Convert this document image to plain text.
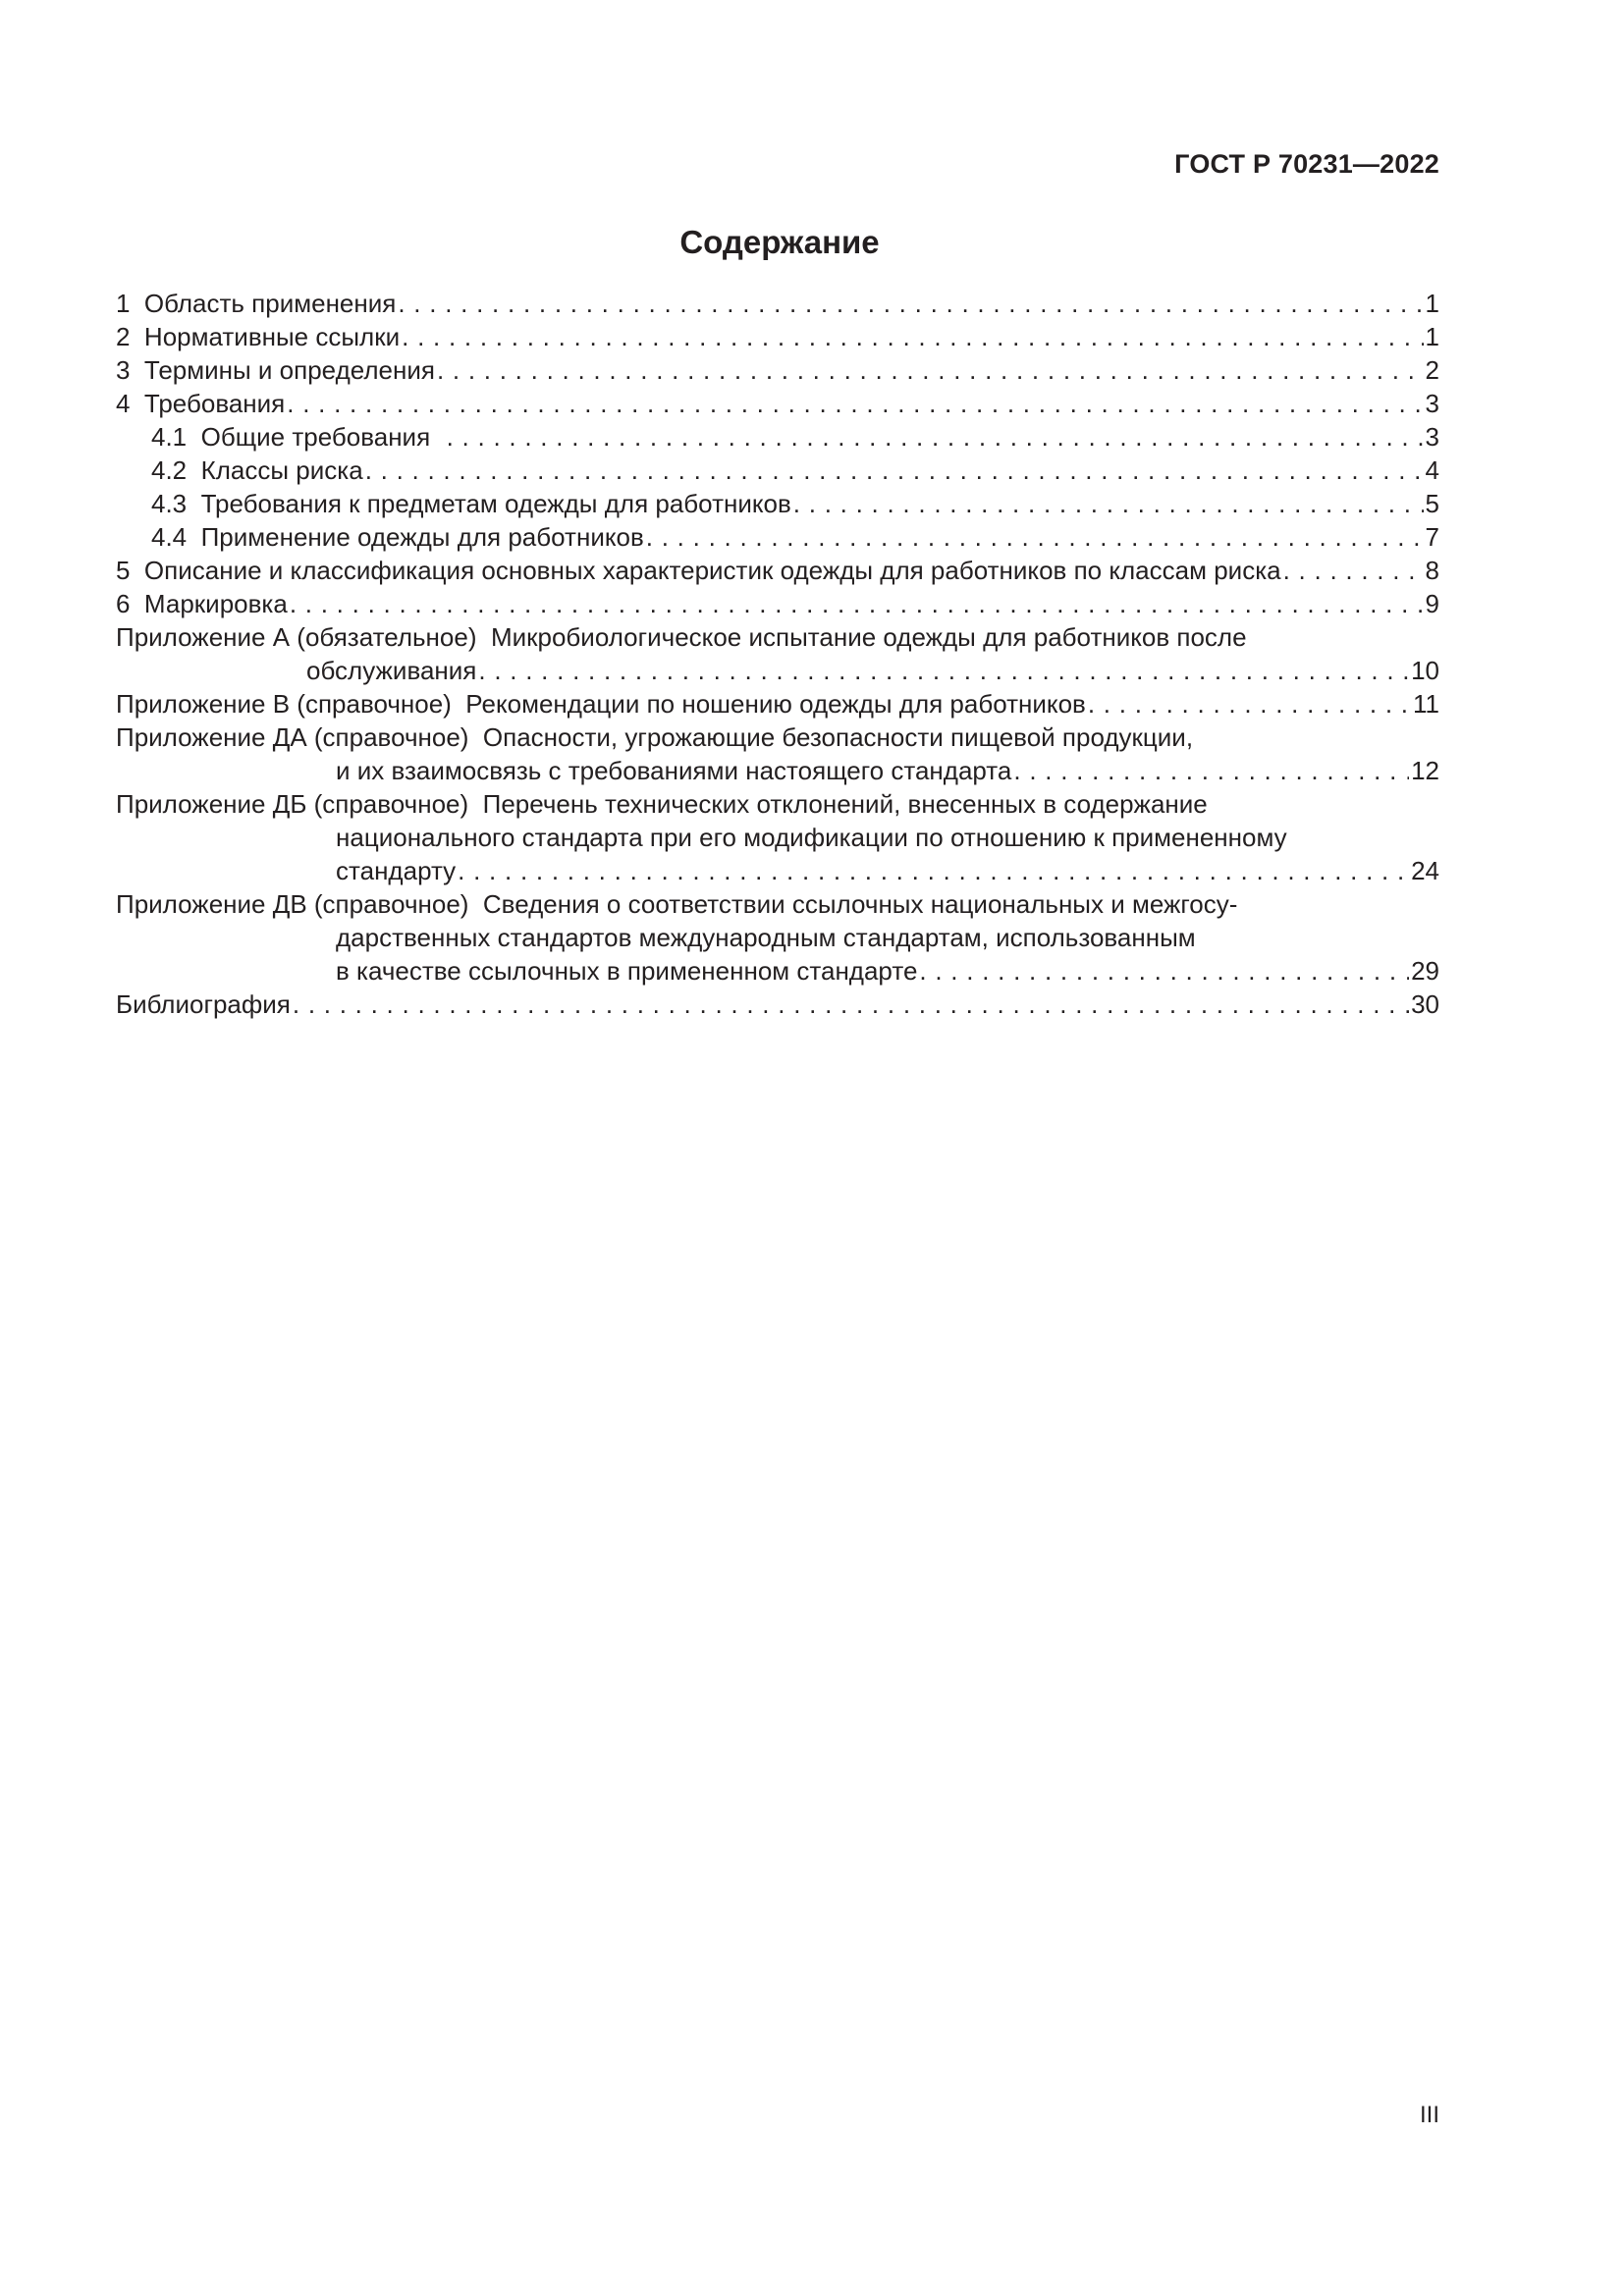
ГОСТ Р 70231—2022
Содержание
1 Область применения . . .	1
2 Нормативные ссылки . . .	1
3 Термины и определения . . .	2
4 Требования . . .	3
4.1 Общие требования . . .	3
4.2 Классы риска . . .	4
4.3 Требования к предметам одежды для работников . . .	5
4.4 Применение одежды для работников . . .	7
5 Описание и классификация основных характеристик одежды для работников по классам риска . . .	8
6 Маркировка . . .	9
Приложение А (обязательное) Микробиологическое испытание одежды для работников после
обслуживания . . .	10
Приложение В (справочное) Рекомендации по ношению одежды для работников . . .	11
Приложение ДА (справочное) Опасности, угрожающие безопасности пищевой продукции,
и их взаимосвязь с требованиями настоящего стандарта . . .	12
Приложение ДБ (справочное) Перечень технических отклонений, внесенных в содержание
национального стандарта при его модификации по отношению к примененному
стандарту . . .	24
Приложение ДВ (справочное) Сведения о соответствии ссылочных национальных и межгосу-
дарственных стандартов международным стандартам, использованным
в качестве ссылочных в примененном стандарте . . .	29
Библиография . . .	30
III
